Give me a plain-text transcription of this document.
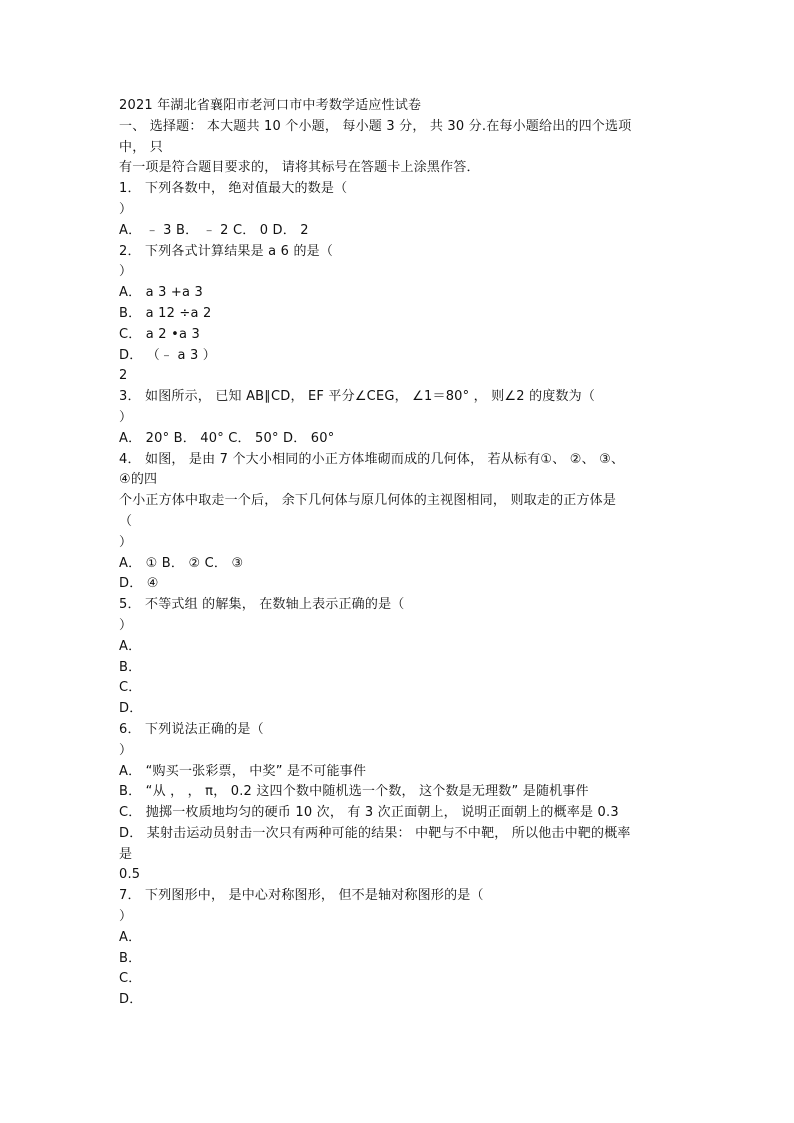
2021 年湖北省襄阳市老河口市中考数学适应性试卷
一、 选择题： 本大题共 10 个小题， 每小题 3 分， 共 30 分.在每小题给出的四个选项
中， 只
有一项是符合题目要求的， 请将其标号在答题卡上涂黑作答．
1． 下列各数中， 绝对值最大的数是（
）
A． ﹣ 3 B． ﹣ 2 C． 0 D． 2
2． 下列各式计算结果是 a 6 的是（
）
A． a 3 +a 3
B． a 12 ÷a 2
C． a 2 •a 3
D． （﹣ a 3 ）
2
3． 如图所示， 已知 AB∥CD， EF 平分∠CEG， ∠1＝80° ， 则∠2 的度数为（
）
A． 20° B． 40° C． 50° D． 60°
4． 如图， 是由 7 个大小相同的小正方体堆砌而成的几何体， 若从标有①、 ②、 ③、
④的四
个小正方体中取走一个后， 余下几何体与原几何体的主视图相同， 则取走的正方体是
（
）
A． ① B． ② C． ③
D． ④
5． 不等式组 的解集， 在数轴上表示正确的是（
）
A．
B．
C．
D．
6． 下列说法正确的是（
）
A． “购买一张彩票， 中奖” 是不可能事件
B． “从 ， ， π， 0.2 这四个数中随机选一个数， 这个数是无理数” 是随机事件
C． 抛掷一枚质地均匀的硬币 10 次， 有 3 次正面朝上， 说明正面朝上的概率是 0.3
D． 某射击运动员射击一次只有两种可能的结果： 中靶与不中靶， 所以他击中靶的概率
是
0.5
7． 下列图形中， 是中心对称图形， 但不是轴对称图形的是（
）
A．
B．
C．
D．
